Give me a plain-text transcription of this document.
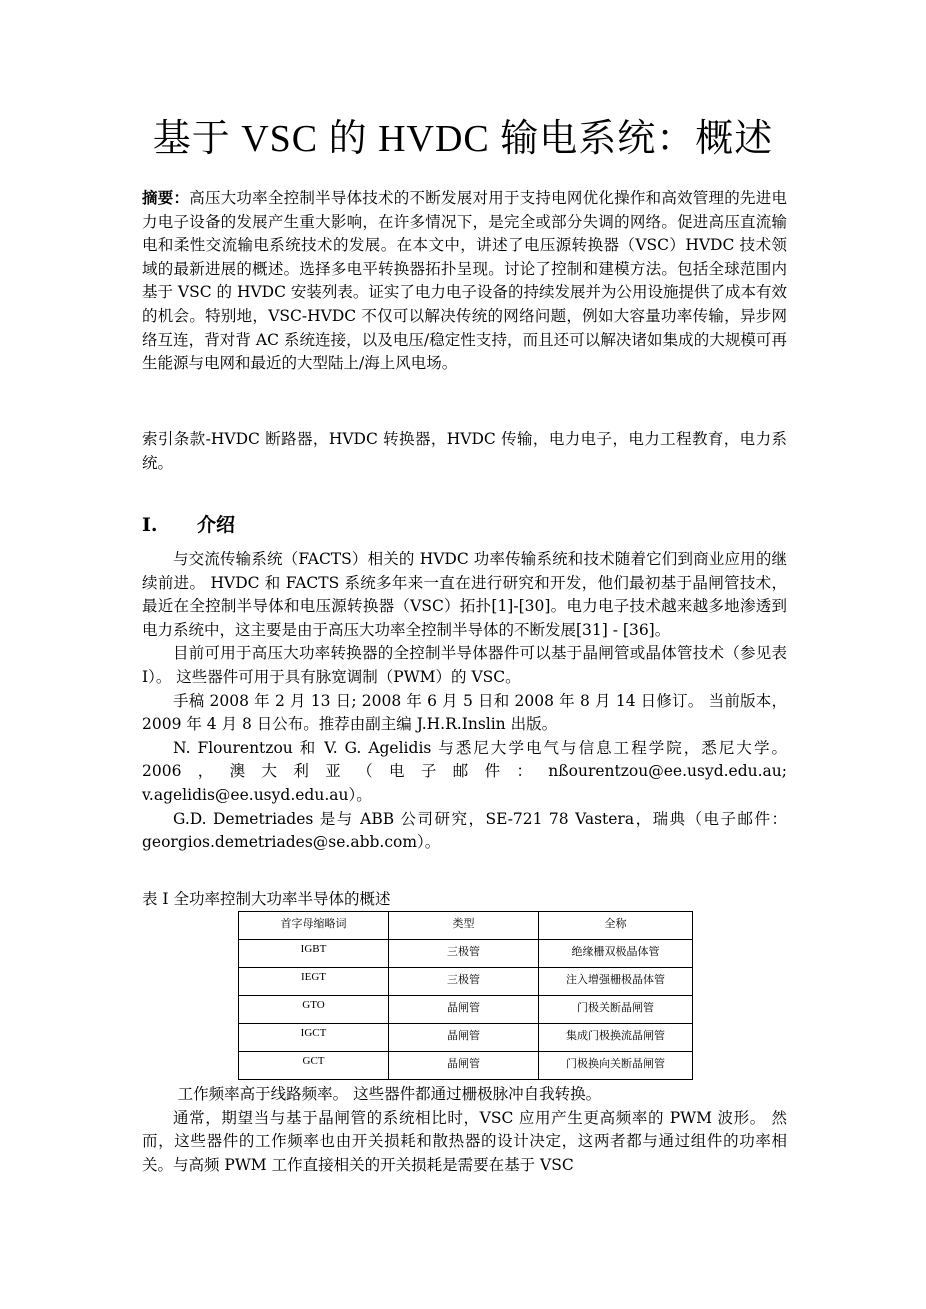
基于 VSC 的 HVDC 输电系统：概述
摘要：高压大功率全控制半导体技术的不断发展对用于支持电网优化操作和高效管理的先进电力电子设备的发展产生重大影响，在许多情况下，是完全或部分失调的网络。促进高压直流输电和柔性交流输电系统技术的发展。在本文中，讲述了电压源转换器（VSC）HVDC 技术领域的最新进展的概述。选择多电平转换器拓扑呈现。讨论了控制和建模方法。包括全球范围内基于 VSC 的 HVDC 安装列表。证实了电力电子设备的持续发展并为公用设施提供了成本有效的机会。特别地，VSC-HVDC 不仅可以解决传统的网络问题，例如大容量功率传输，异步网络互连，背对背 AC 系统连接，以及电压/稳定性支持，而且还可以解决诸如集成的大规模可再生能源与电网和最近的大型陆上/海上风电场。
索引条款-HVDC 断路器，HVDC 转换器，HVDC 传输，电力电子，电力工程教育，电力系统。
I. 介绍

与交流传输系统（FACTS）相关的 HVDC 功率传输系统和技术随着它们到商业应用的继续前进。 HVDC 和 FACTS 系统多年来一直在进行研究和开发，他们最初基于晶闸管技术，最近在全控制半导体和电压源转换器（VSC）拓扑[1]-[30]。电力电子技术越来越多地渗透到电力系统中，这主要是由于高压大功率全控制半导体的不断发展[31] - [36]。

目前可用于高压大功率转换器的全控制半导体器件可以基于晶闸管或晶体管技术（参见表 I）。 这些器件可用于具有脉宽调制（PWM）的 VSC。

手稿 2008 年 2 月 13 日; 2008 年 6 月 5 日和 2008 年 8 月 14 日修订。 当前版本，2009 年 4 月 8 日公布。推荐由副主编 J.H.R.Inslin 出版。

N. Flourentzou 和 V. G. Agelidis 与悉尼大学电气与信息工程学院，悉尼大学。2006，澳大利亚（电子邮件：nßourentzou@ee.usyd.edu.au; v.agelidis@ee.usyd.edu.au）。

G.D. Demetriades 是与 ABB 公司研究，SE-721 78 Vastera，瑞典（电子邮件：georgios.demetriades@se.abb.com）。

表 I 全功率控制大功率半导体的概述
首字母缩略词	类型	全称
IGBT	三极管	绝缘栅双极晶体管
IEGT	三极管	注入增强栅极晶体管
GTO	晶闸管	门极关断晶闸管
IGCT	晶闸管	集成门极换流晶闸管
GCT	晶闸管	门极换向关断晶闸管

工作频率高于线路频率。 这些器件都通过栅极脉冲自我转换。

通常，期望当与基于晶闸管的系统相比时，VSC 应用产生更高频率的 PWM 波形。 然而，这些器件的工作频率也由开关损耗和散热器的设计决定，这两者都与通过组件的功率相关。与高频 PWM 工作直接相关的开关损耗是需要在基于 VSC
